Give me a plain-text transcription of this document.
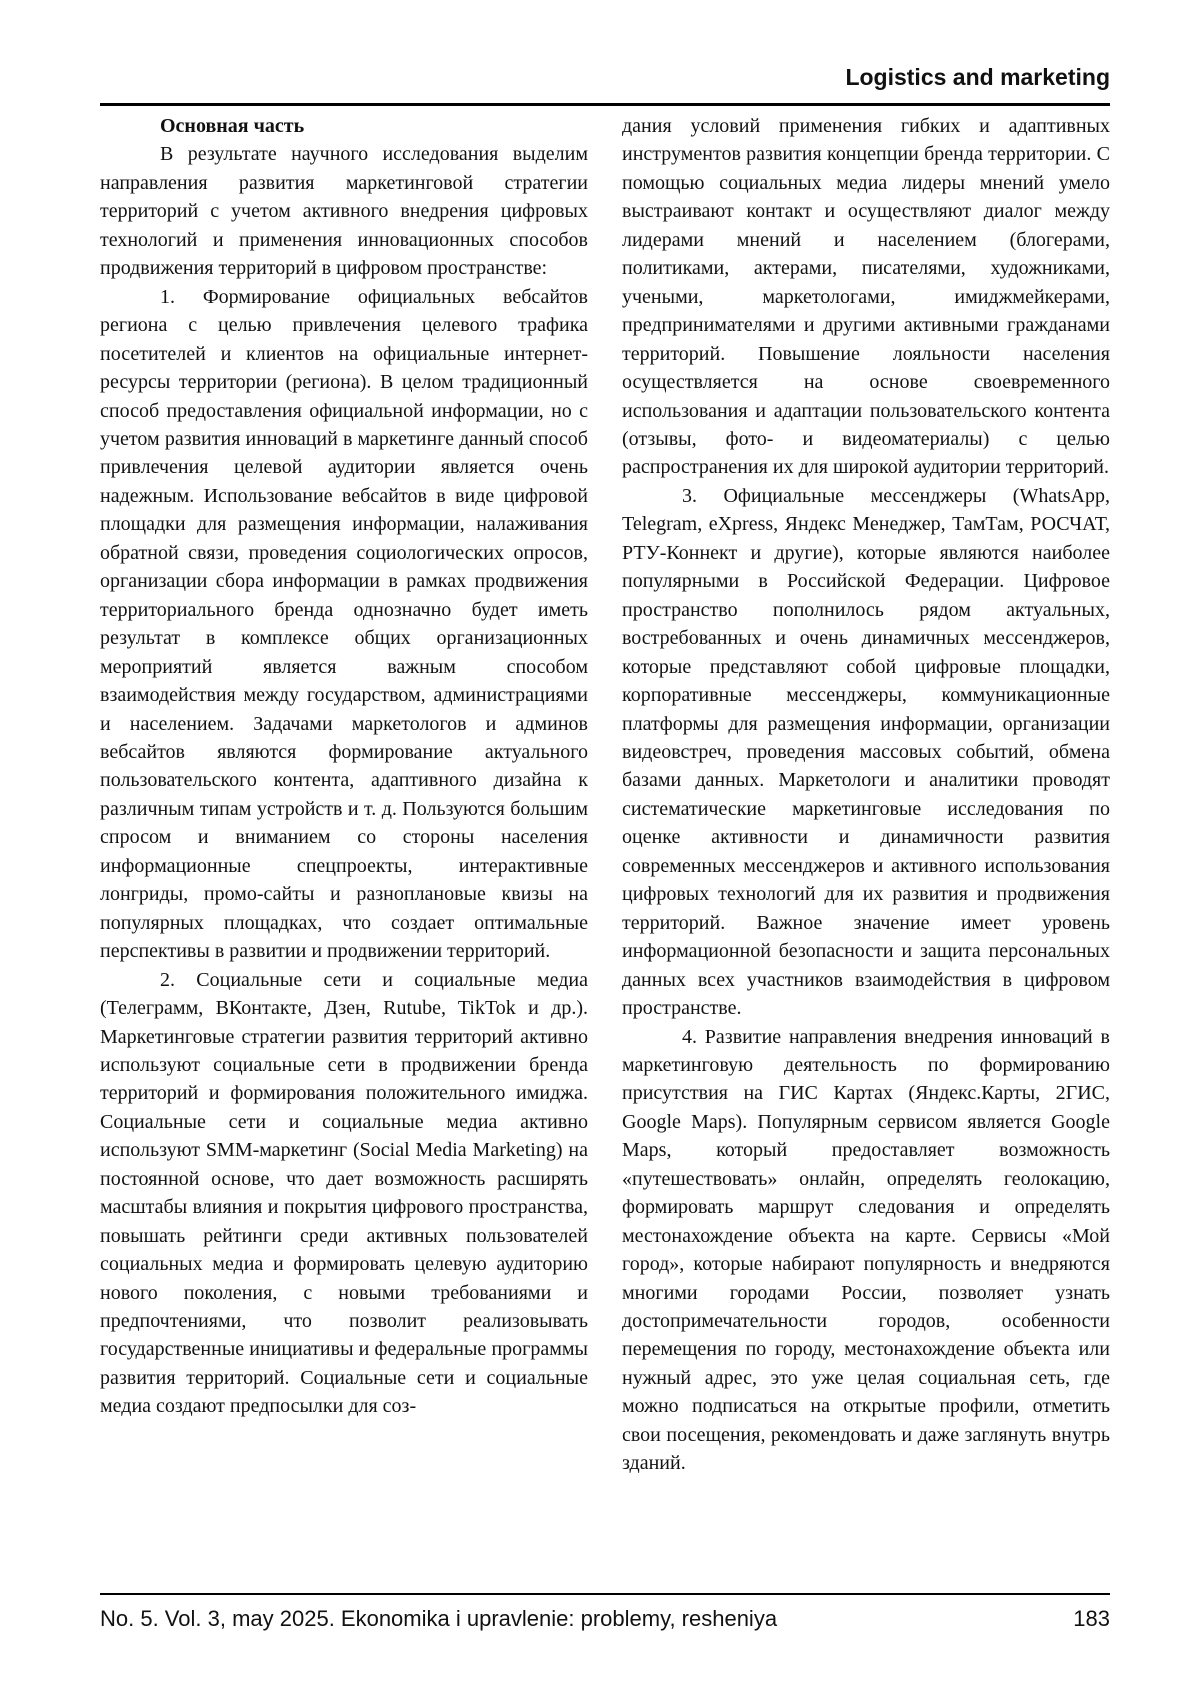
Logistics and marketing

Основная часть

В результате научного исследования выделим направления развития маркетинговой стратегии территорий с учетом активного внедрения цифровых технологий и применения инновационных способов продвижения территорий в цифровом пространстве:

1. Формирование официальных вебсайтов региона с целью привлечения целевого трафика посетителей и клиентов на официальные интернет-ресурсы территории (региона). В целом традиционный способ предоставления официальной информации, но с учетом развития инноваций в маркетинге данный способ привлечения целевой аудитории является очень надежным. Использование вебсайтов в виде цифровой площадки для размещения информации, налаживания обратной связи, проведения социологических опросов, организации сбора информации в рамках продвижения территориального бренда однозначно будет иметь результат в комплексе общих организационных мероприятий является важным способом взаимодействия между государством, администрациями и населением. Задачами маркетологов и админов вебсайтов являются формирование актуального пользовательского контента, адаптивного дизайна к различным типам устройств и т. д. Пользуются большим спросом и вниманием со стороны населения информационные спецпроекты, интерактивные лонгриды, промо-сайты и разноплановые квизы на популярных площадках, что создает оптимальные перспективы в развитии и продвижении территорий.

2. Социальные сети и социальные медиа (Телеграмм, ВКонтакте, Дзен, Rutube, TikTok и др.). Маркетинговые стратегии развития территорий активно используют социальные сети в продвижении бренда территорий и формирования положительного имиджа. Социальные сети и социальные медиа активно используют SMM-маркетинг (Social Media Marketing) на постоянной основе, что дает возможность расширять масштабы влияния и покрытия цифрового пространства, повышать рейтинги среди активных пользователей социальных медиа и формировать целевую аудиторию нового поколения, с новыми требованиями и предпочтениями, что позволит реализовывать государственные инициативы и федеральные программы развития территорий. Социальные сети и социальные медиа создают предпосылки для соз-

дания условий применения гибких и адаптивных инструментов развития концепции бренда территории. С помощью социальных медиа лидеры мнений умело выстраивают контакт и осуществляют диалог между лидерами мнений и населением (блогерами, политиками, актерами, писателями, художниками, учеными, маркетологами, имиджмейкерами, предпринимателями и другими активными гражданами территорий. Повышение лояльности населения осуществляется на основе своевременного использования и адаптации пользовательского контента (отзывы, фото- и видеоматериалы) с целью распространения их для широкой аудитории территорий.

3. Официальные мессенджеры (WhatsApp, Telegram, eXpress, Яндекс Менеджер, ТамТам, РОСЧАТ, РТУ-Коннект и другие), которые являются наиболее популярными в Российской Федерации. Цифровое пространство пополнилось рядом актуальных, востребованных и очень динамичных мессенджеров, которые представляют собой цифровые площадки, корпоративные мессенджеры, коммуникационные платформы для размещения информации, организации видеовстреч, проведения массовых событий, обмена базами данных. Маркетологи и аналитики проводят систематические маркетинговые исследования по оценке активности и динамичности развития современных мессенджеров и активного использования цифровых технологий для их развития и продвижения территорий. Важное значение имеет уровень информационной безопасности и защита персональных данных всех участников взаимодействия в цифровом пространстве.

4. Развитие направления внедрения инноваций в маркетинговую деятельность по формированию присутствия на ГИС Картах (Яндекс.Карты, 2ГИС, Google Maps). Популярным сервисом является Google Maps, который предоставляет возможность «путешествовать» онлайн, определять геолокацию, формировать маршрут следования и определять местонахождение объекта на карте. Сервисы «Мой город», которые набирают популярность и внедряются многими городами России, позволяет узнать достопримечательности городов, особенности перемещения по городу, местонахождение объекта или нужный адрес, это уже целая социальная сеть, где можно подписаться на открытые профили, отметить свои посещения, рекомендовать и даже заглянуть внутрь зданий.

No. 5. Vol. 3, may 2025. Ekonomika i upravlenie: problemy, resheniya	183
